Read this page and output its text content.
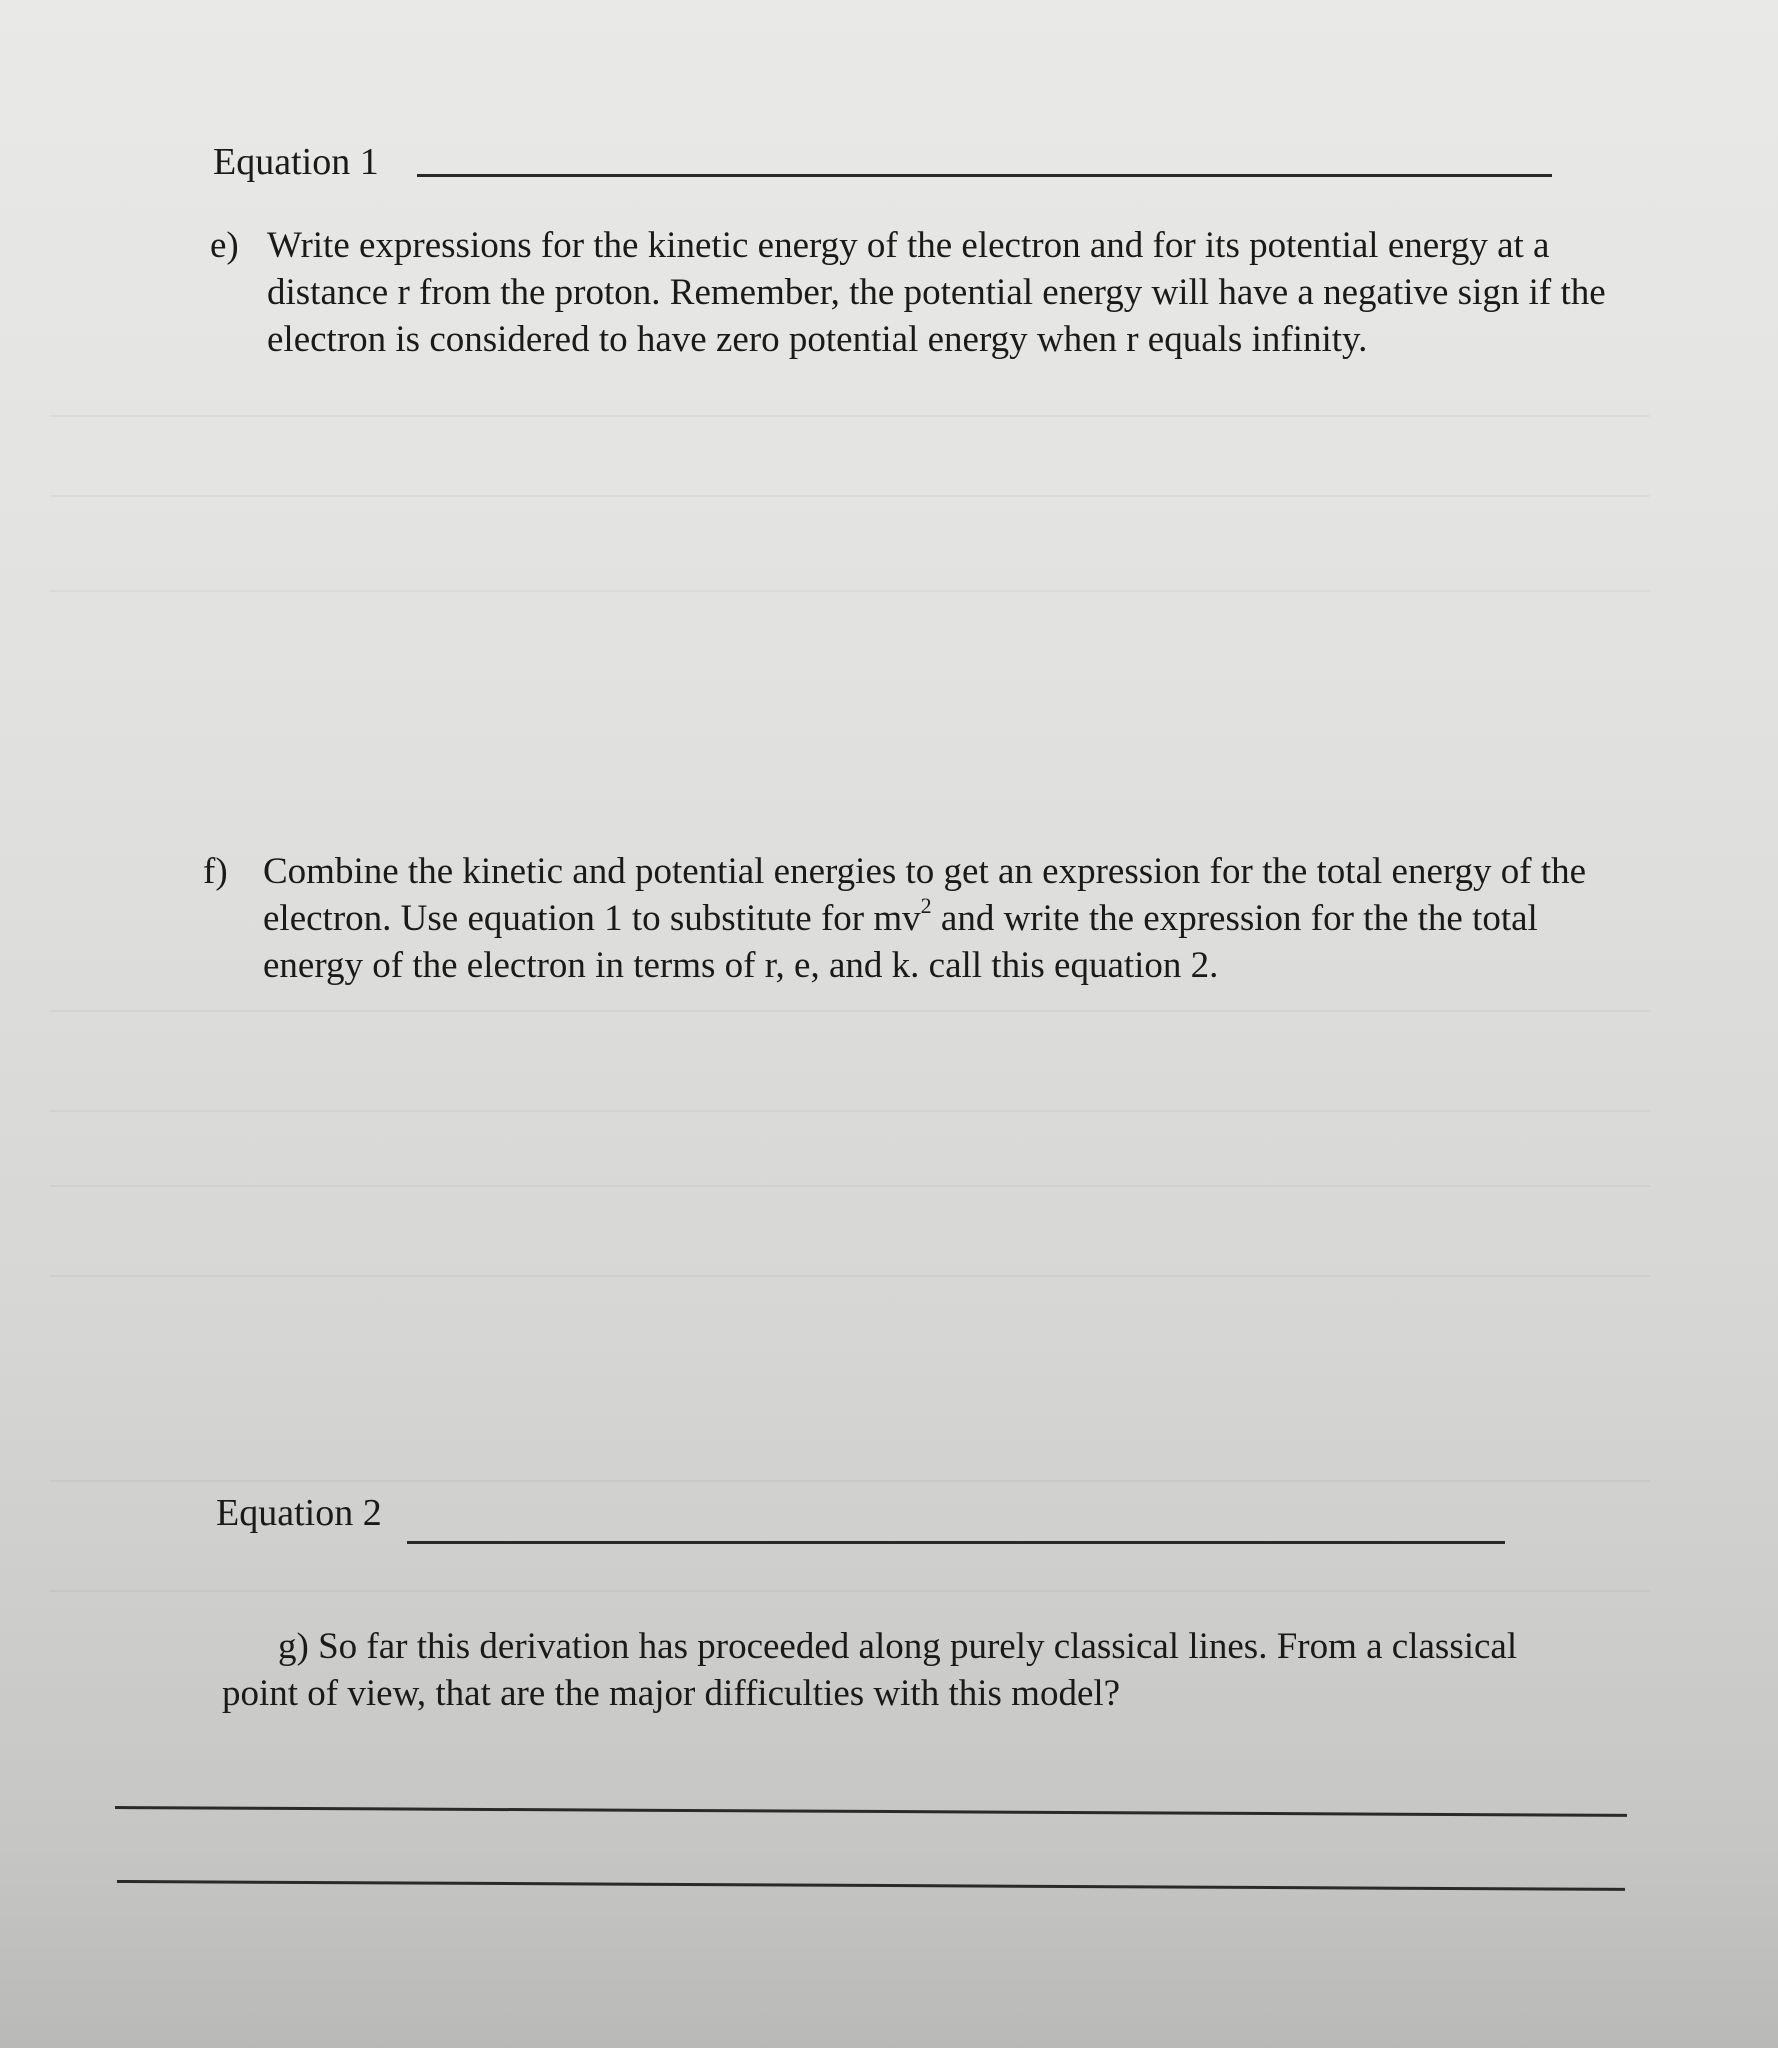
Equation 1
e) Write expressions for the kinetic energy of the electron and for its potential energy at a distance r from the proton. Remember, the potential energy will have a negative sign if the electron is considered to have zero potential energy when r equals infinity.
f) Combine the kinetic and potential energies to get an expression for the total energy of the electron. Use equation 1 to substitute for $mv^2$ and write the expression for the the total energy of the electron in terms of r, e, and k. call this equation 2.
Equation 2
g) So far this derivation has proceeded along purely classical lines. From a classical point of view, that are the major difficulties with this model?
